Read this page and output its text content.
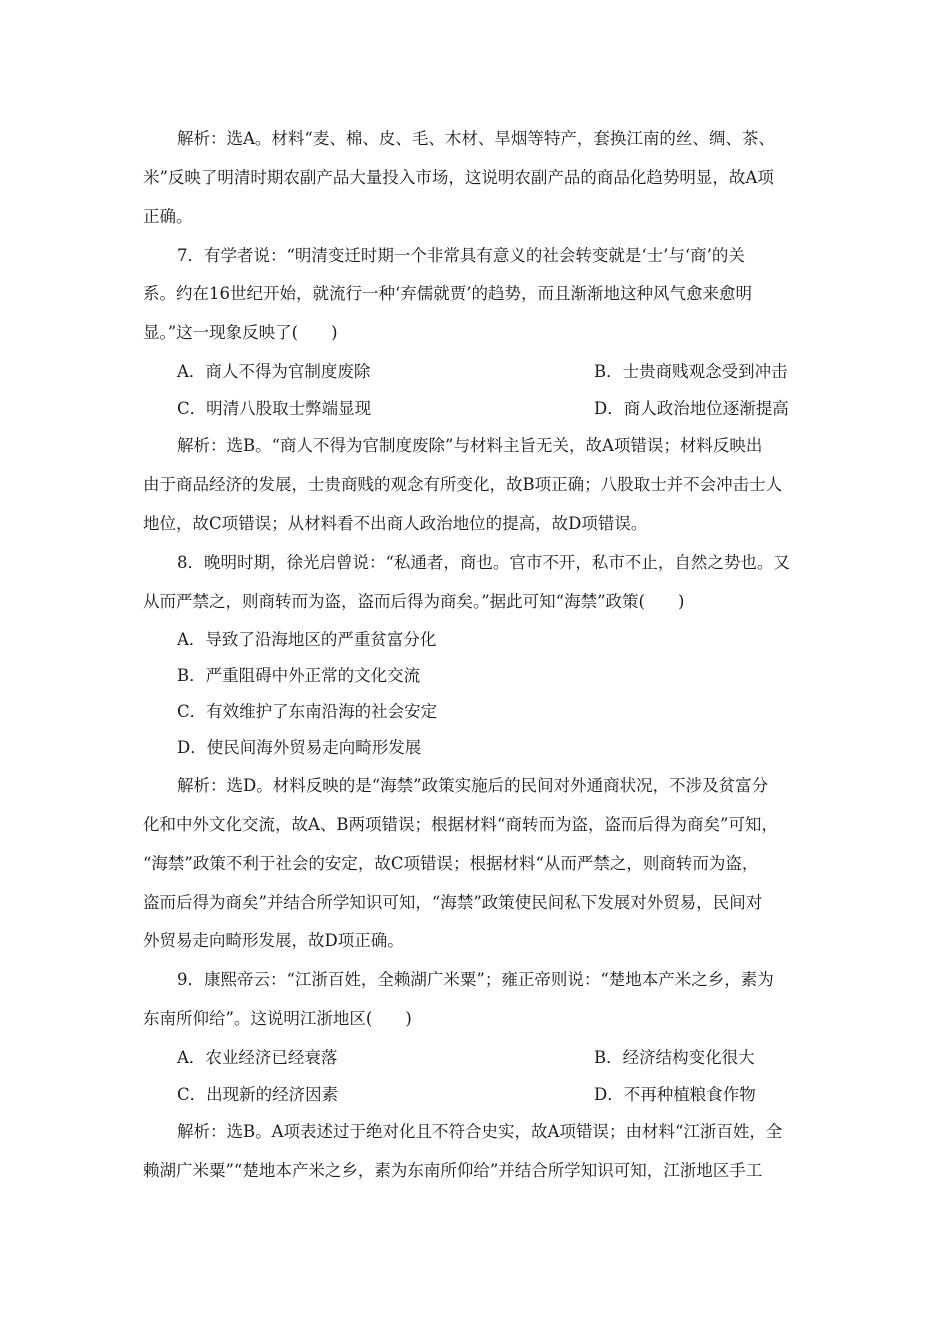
解析：选A。材料“麦、棉、皮、毛、木材、旱烟等特产，套换江南的丝、绸、茶、
米”反映了明清时期农副产品大量投入市场，这说明农副产品的商品化趋势明显，故A项
正确。
7．有学者说：“明清变迁时期一个非常具有意义的社会转变就是‘士’与‘商’的关
系。约在16世纪开始，就流行一种‘弃儒就贾’的趋势，而且渐渐地这种风气愈来愈明
显。”这一现象反映了(　　)
A．商人不得为官制度废除	B．士贵商贱观念受到冲击
C．明清八股取士弊端显现	D．商人政治地位逐渐提高
解析：选B。“商人不得为官制度废除”与材料主旨无关，故A项错误；材料反映出
由于商品经济的发展，士贵商贱的观念有所变化，故B项正确；八股取士并不会冲击士人
地位，故C项错误；从材料看不出商人政治地位的提高，故D项错误。
8．晚明时期，徐光启曾说：“私通者，商也。官市不开，私市不止，自然之势也。又
从而严禁之，则商转而为盗，盗而后得为商矣。”据此可知“海禁”政策(　　)
A．导致了沿海地区的严重贫富分化
B．严重阻碍中外正常的文化交流
C．有效维护了东南沿海的社会安定
D．使民间海外贸易走向畸形发展
解析：选D。材料反映的是“海禁”政策实施后的民间对外通商状况，不涉及贫富分
化和中外文化交流，故A、B两项错误；根据材料“商转而为盗，盗而后得为商矣”可知，
“海禁”政策不利于社会的安定，故C项错误；根据材料“从而严禁之，则商转而为盗，
盗而后得为商矣”并结合所学知识可知，“海禁”政策使民间私下发展对外贸易，民间对
外贸易走向畸形发展，故D项正确。
9．康熙帝云：“江浙百姓，全赖湖广米粟”；雍正帝则说：“楚地本产米之乡，素为
东南所仰给”。这说明江浙地区(　　)
A．农业经济已经衰落	B．经济结构变化很大
C．出现新的经济因素	D．不再种植粮食作物
解析：选B。A项表述过于绝对化且不符合史实，故A项错误；由材料“江浙百姓，全
赖湖广米粟”“楚地本产米之乡，素为东南所仰给”并结合所学知识可知，江浙地区手工
